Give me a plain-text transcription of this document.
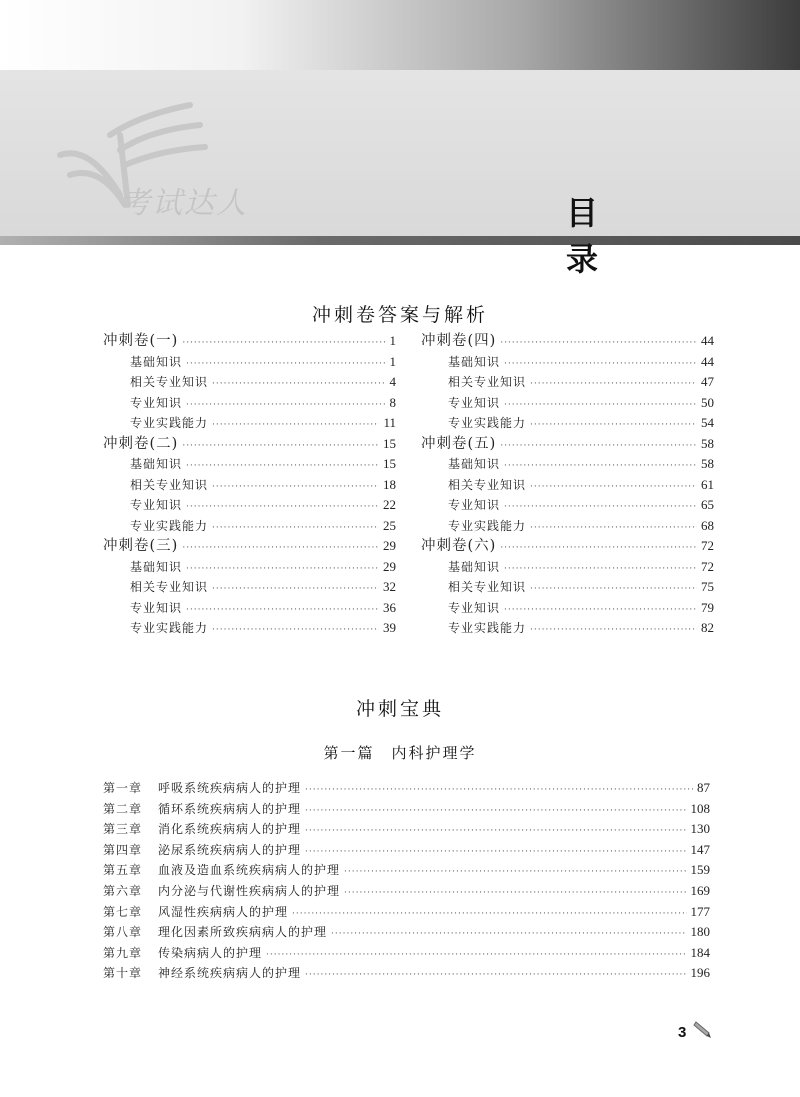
考试达人	目 录
冲刺卷答案与解析
冲刺卷(一) ·····	1
基础知识 ·····	1
相关专业知识 ·····	4
专业知识 ·····	8
专业实践能力 ·····	11
冲刺卷(二) ·····	15
基础知识 ·····	15
相关专业知识 ·····	18
专业知识 ·····	22
专业实践能力 ·····	25
冲刺卷(三) ·····	29
基础知识 ·····	29
相关专业知识 ·····	32
专业知识 ·····	36
专业实践能力 ·····	39
冲刺卷(四) ·····	44
基础知识 ·····	44
相关专业知识 ·····	47
专业知识 ·····	50
专业实践能力 ·····	54
冲刺卷(五) ·····	58
基础知识 ·····	58
相关专业知识 ·····	61
专业知识 ·····	65
专业实践能力 ·····	68
冲刺卷(六) ·····	72
基础知识 ·····	72
相关专业知识 ·····	75
专业知识 ·····	79
专业实践能力 ·····	82
冲刺宝典
第一篇　内科护理学
第一章	呼吸系统疾病病人的护理 ·····	87
第二章	循环系统疾病病人的护理 ·····	108
第三章	消化系统疾病病人的护理 ·····	130
第四章	泌尿系统疾病病人的护理 ·····	147
第五章	血液及造血系统疾病病人的护理 ·····	159
第六章	内分泌与代谢性疾病病人的护理 ·····	169
第七章	风湿性疾病病人的护理 ·····	177
第八章	理化因素所致疾病病人的护理 ·····	180
第九章	传染病病人的护理 ·····	184
第十章	神经系统疾病病人的护理 ·····	196
3
